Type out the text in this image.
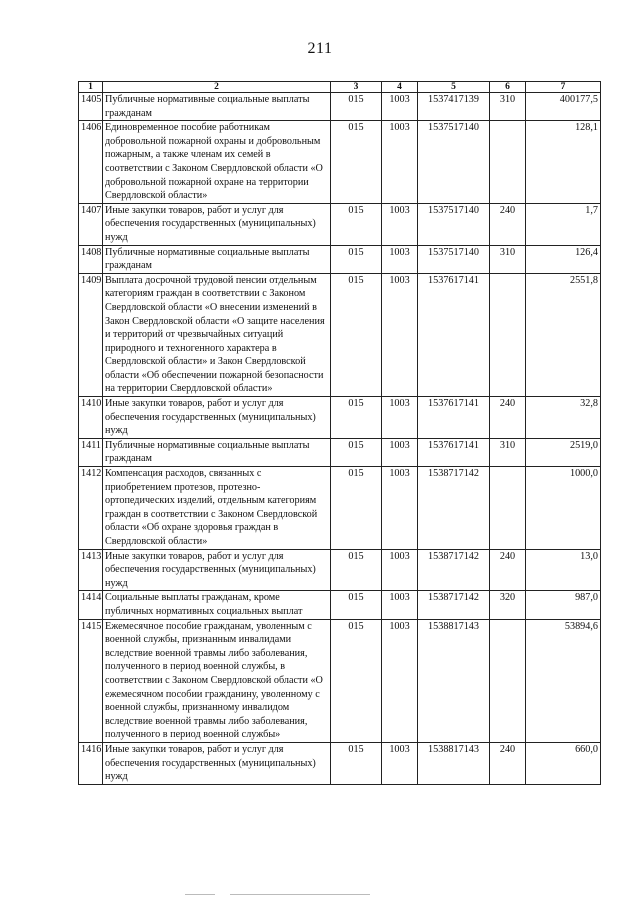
211
1	2	3	4	5	6	7
1405	Публичные нормативные социальные выплаты гражданам	015	1003	1537417139	310	400177,5
1406	Единовременное пособие работникам добровольной пожарной охраны и добровольным пожарным, а также членам их семей в соответствии с Законом Свердловской области «О добровольной пожарной охране на территории Свердловской области»	015	1003	1537517140		128,1
1407	Иные закупки товаров, работ и услуг для обеспечения государственных (муниципальных) нужд	015	1003	1537517140	240	1,7
1408	Публичные нормативные социальные выплаты гражданам	015	1003	1537517140	310	126,4
1409	Выплата досрочной трудовой пенсии отдельным категориям граждан в соответствии с Законом Свердловской области «О внесении изменений в Закон Свердловской области «О защите населения и территорий от чрезвычайных ситуаций природного и техногенного характера в Свердловской области» и Закон Свердловской области «Об обеспечении пожарной безопасности на территории Свердловской области»	015	1003	1537617141		2551,8
1410	Иные закупки товаров, работ и услуг для обеспечения государственных (муниципальных) нужд	015	1003	1537617141	240	32,8
1411	Публичные нормативные социальные выплаты гражданам	015	1003	1537617141	310	2519,0
1412	Компенсация расходов, связанных с приобретением протезов, протезно-ортопедических изделий, отдельным категориям граждан в соответствии с Законом Свердловской области «Об охране здоровья граждан в Свердловской области»	015	1003	1538717142		1000,0
1413	Иные закупки товаров, работ и услуг для обеспечения государственных (муниципальных) нужд	015	1003	1538717142	240	13,0
1414	Социальные выплаты гражданам, кроме публичных нормативных социальных выплат	015	1003	1538717142	320	987,0
1415	Ежемесячное пособие гражданам, уволенным с военной службы, признанным инвалидами вследствие военной травмы либо заболевания, полученного в период военной службы, в соответствии с Законом Свердловской области «О ежемесячном пособии гражданину, уволенному с военной службы, признанному инвалидом вследствие военной травмы либо заболевания, полученного в период военной службы»	015	1003	1538817143		53894,6
1416	Иные закупки товаров, работ и услуг для обеспечения государственных (муниципальных) нужд	015	1003	1538817143	240	660,0
